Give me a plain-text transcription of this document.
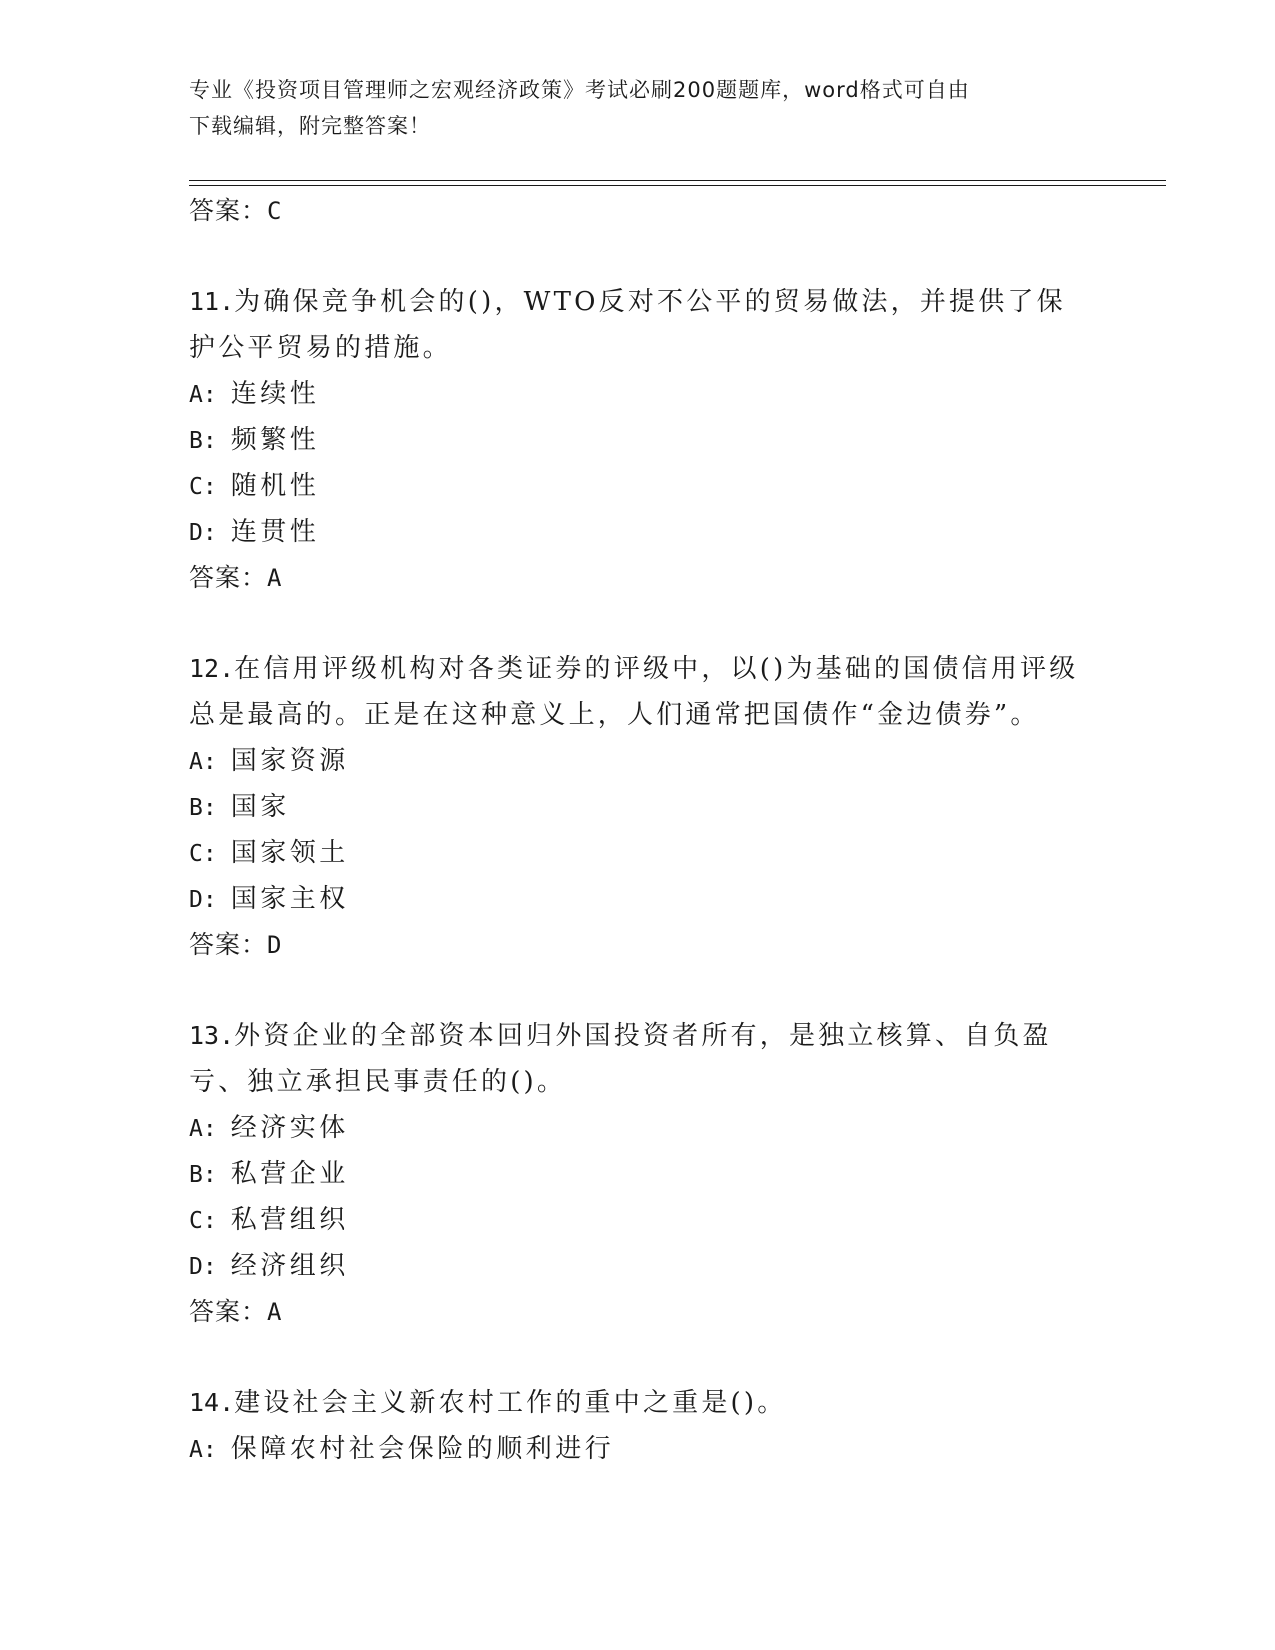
专业《投资项目管理师之宏观经济政策》考试必刷200题题库，word格式可自由
下载编辑，附完整答案！
答案：C
11.为确保竞争机会的()，WTO反对不公平的贸易做法，并提供了保护公平贸易的措施。
A: 连续性
B: 频繁性
C: 随机性
D: 连贯性
答案：A
12.在信用评级机构对各类证券的评级中，以()为基础的国债信用评级总是最高的。正是在这种意义上，人们通常把国债作“金边债券”。
A: 国家资源
B: 国家
C: 国家领土
D: 国家主权
答案：D
13.外资企业的全部资本回归外国投资者所有，是独立核算、自负盈亏、独立承担民事责任的()。
A: 经济实体
B: 私营企业
C: 私营组织
D: 经济组织
答案：A
14.建设社会主义新农村工作的重中之重是()。
A: 保障农村社会保险的顺利进行
